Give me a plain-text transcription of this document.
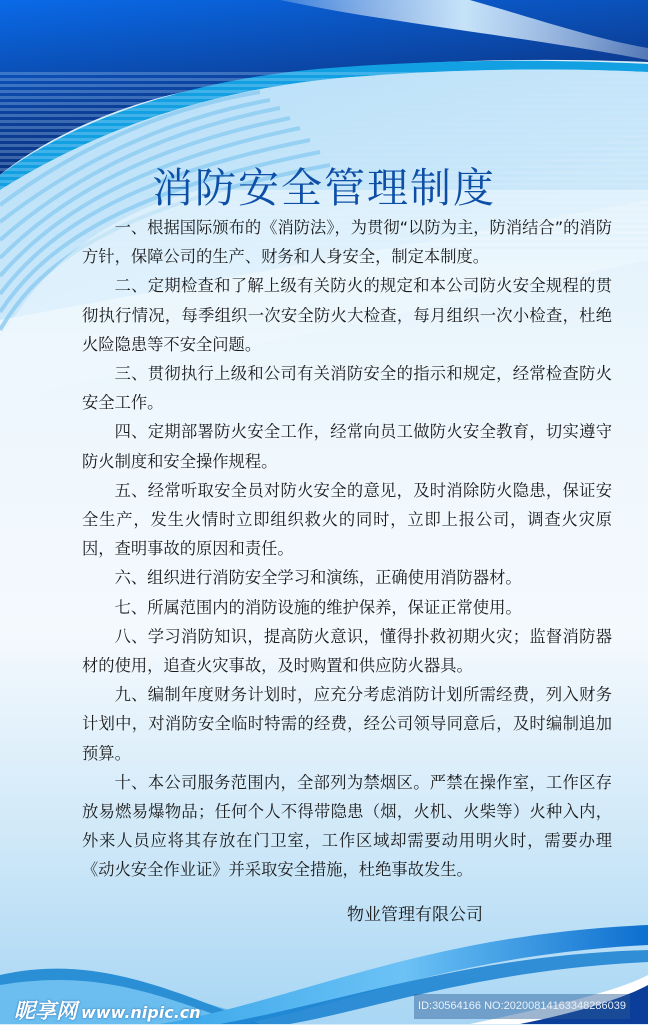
消防安全管理制度

一、根据国际颁布的《消防法》，为贯彻“以防为主，防消结合”的消防方针，保障公司的生产、财务和人身安全，制定本制度。

二、定期检查和了解上级有关防火的规定和本公司防火安全规程的贯彻执行情况，每季组织一次安全防火大检查，每月组织一次小检查，杜绝火险隐患等不安全问题。

三、贯彻执行上级和公司有关消防安全的指示和规定，经常检查防火安全工作。

四、定期部署防火安全工作，经常向员工做防火安全教育，切实遵守防火制度和安全操作规程。

五、经常听取安全员对防火安全的意见，及时消除防火隐患，保证安全生产，发生火情时立即组织救火的同时，立即上报公司，调查火灾原因，查明事故的原因和责任。

六、组织进行消防安全学习和演练，正确使用消防器材。

七、所属范围内的消防设施的维护保养，保证正常使用。

八、学习消防知识，提高防火意识，懂得扑救初期火灾；监督消防器材的使用，追查火灾事故，及时购置和供应防火器具。

九、编制年度财务计划时，应充分考虑消防计划所需经费，列入财务计划中，对消防安全临时特需的经费，经公司领导同意后，及时编制追加预算。

十、本公司服务范围内，全部列为禁烟区。严禁在操作室，工作区存放易燃易爆物品；任何个人不得带隐患（烟，火机、火柴等）火种入内，外来人员应将其存放在门卫室，工作区域却需要动用明火时，需要办理《动火安全作业证》并采取安全措施，杜绝事故发生。

物业管理有限公司
昵享网 www.nipic.cn	ID:30564166 NO:20200814163348286039
